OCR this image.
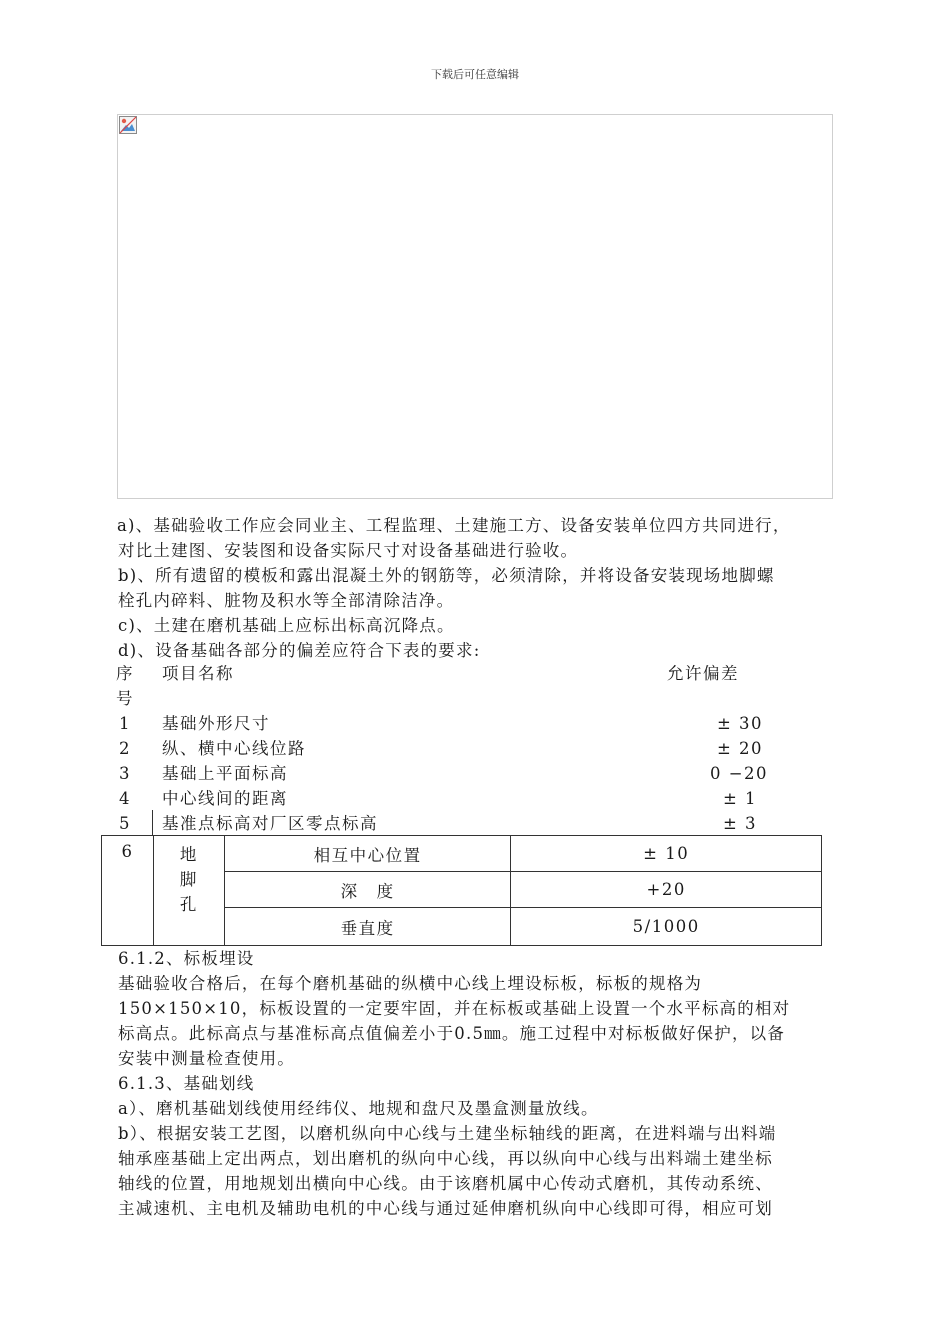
下载后可任意编辑
a)、基础验收工作应会同业主、工程监理、土建施工方、设备安装单位四方共同进行，
对比土建图、安装图和设备实际尺寸对设备基础进行验收。
b)、所有遗留的模板和露出混凝土外的钢筋等，必须清除，并将设备安装现场地脚螺
栓孔内碎料、脏物及积水等全部清除洁净。
c)、土建在磨机基础上应标出标高沉降点。
d)、设备基础各部分的偏差应符合下表的要求:
序
号
项目名称	允许偏差
1	基础外形尺寸	± 30
2	纵、横中心线位路	± 20
3	基础上平面标高	0 −20
4	中心线间的距离	± 1
5	基准点标高对厂区零点标高	± 3
6	地
脚
孔	相互中心位置	± 10
		深　度	+20
		垂直度	5/1000
6.1.2、标板埋设
基础验收合格后，在每个磨机基础的纵横中心线上埋设标板，标板的规格为
150×150×10，标板设置的一定要牢固，并在标板或基础上设置一个水平标高的相对
标高点。此标高点与基准标高点值偏差小于0.5㎜。施工过程中对标板做好保护，以备
安装中测量检查使用。
6.1.3、基础划线
a）、磨机基础划线使用经纬仪、地规和盘尺及墨盒测量放线。
b）、根据安装工艺图，以磨机纵向中心线与土建坐标轴线的距离，在进料端与出料端
轴承座基础上定出两点，划出磨机的纵向中心线，再以纵向中心线与出料端土建坐标
轴线的位置，用地规划出横向中心线。由于该磨机属中心传动式磨机，其传动系统、
主减速机、主电机及辅助电机的中心线与通过延伸磨机纵向中心线即可得，相应可划
